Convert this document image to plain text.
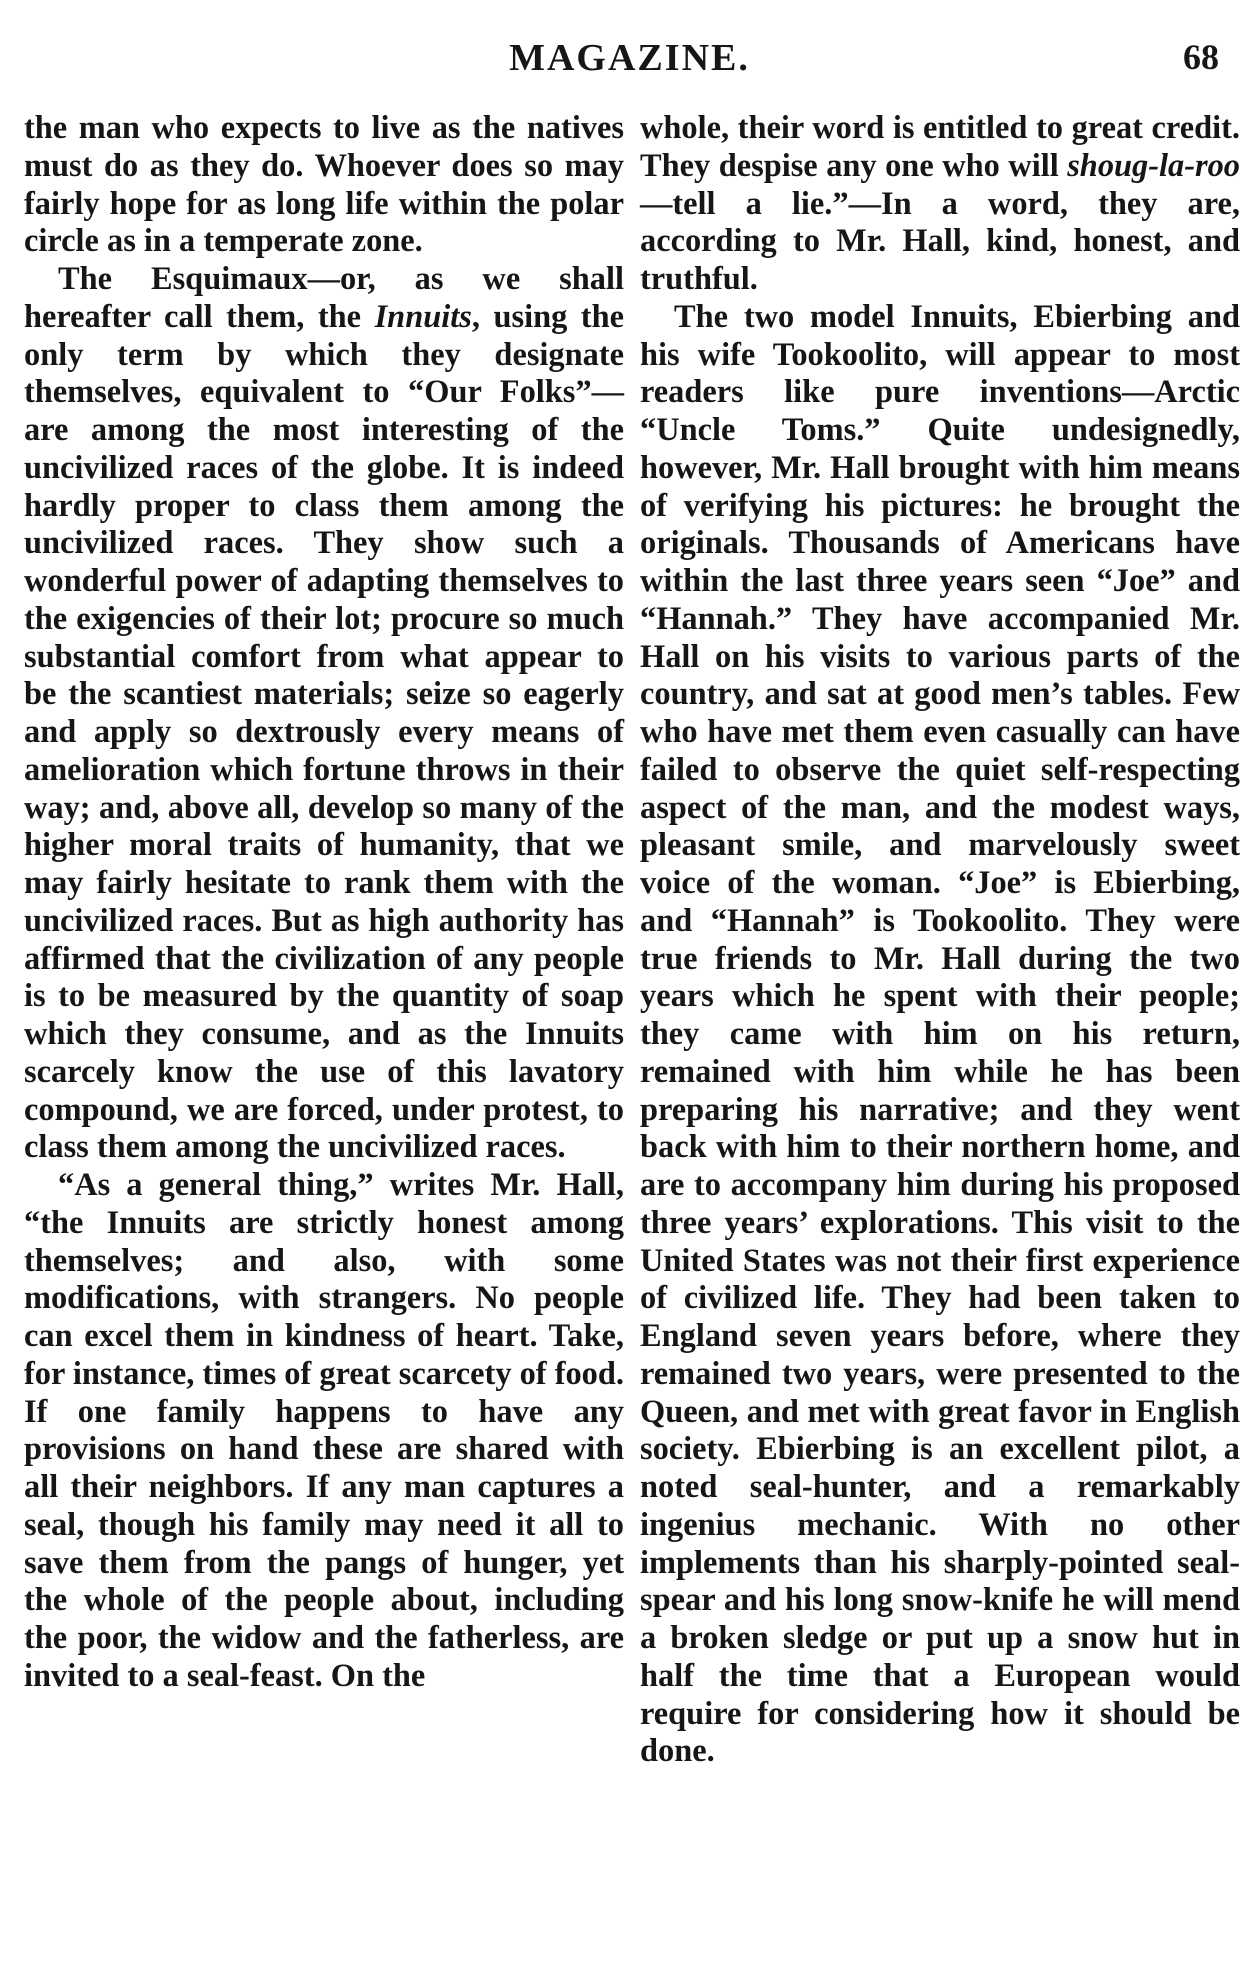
MAGAZINE.	68

the man who expects to live as the natives must do as they do. Whoever does so may fairly hope for as long life within the polar circle as in a temperate zone.

The Esquimaux—or, as we shall hereafter call them, the Innuits, using the only term by which they designate themselves, equivalent to “Our Folks”—are among the most interesting of the uncivilized races of the globe. It is indeed hardly proper to class them among the uncivilized races. They show such a wonderful power of adapting themselves to the exigencies of their lot; procure so much substantial comfort from what appear to be the scantiest materials; seize so eagerly and apply so dextrously every means of amelioration which fortune throws in their way; and, above all, develop so many of the higher moral traits of humanity, that we may fairly hesitate to rank them with the uncivilized races. But as high authority has affirmed that the civilization of any people is to be measured by the quantity of soap which they consume, and as the Innuits scarcely know the use of this lavatory compound, we are forced, under protest, to class them among the uncivilized races.

“As a general thing,” writes Mr. Hall, “the Innuits are strictly honest among themselves; and also, with some modifications, with strangers. No people can excel them in kindness of heart. Take, for instance, times of great scarcety of food. If one family happens to have any provisions on hand these are shared with all their neighbors. If any man captures a seal, though his family may need it all to save them from the pangs of hunger, yet the whole of the people about, including the poor, the widow and the fatherless, are invited to a seal-feast. On the

whole, their word is entitled to great credit. They despise any one who will shoug-la-roo—tell a lie.”—In a word, they are, according to Mr. Hall, kind, honest, and truthful.

The two model Innuits, Ebierbing and his wife Tookoolito, will appear to most readers like pure inventions—Arctic “Uncle Toms.” Quite undesignedly, however, Mr. Hall brought with him means of verifying his pictures: he brought the originals. Thousands of Americans have within the last three years seen “Joe” and “Hannah.” They have accompanied Mr. Hall on his visits to various parts of the country, and sat at good men’s tables. Few who have met them even casually can have failed to observe the quiet self-respecting aspect of the man, and the modest ways, pleasant smile, and marvelously sweet voice of the woman. “Joe” is Ebierbing, and “Hannah” is Tookoolito. They were true friends to Mr. Hall during the two years which he spent with their people; they came with him on his return, remained with him while he has been preparing his narrative; and they went back with him to their northern home, and are to accompany him during his proposed three years’ explorations. This visit to the United States was not their first experience of civilized life. They had been taken to England seven years before, where they remained two years, were presented to the Queen, and met with great favor in English society. Ebierbing is an excellent pilot, a noted seal-hunter, and a remarkably ingenius mechanic. With no other implements than his sharply-pointed seal-spear and his long snow-knife he will mend a broken sledge or put up a snow hut in half the time that a European would require for considering how it should be done.
